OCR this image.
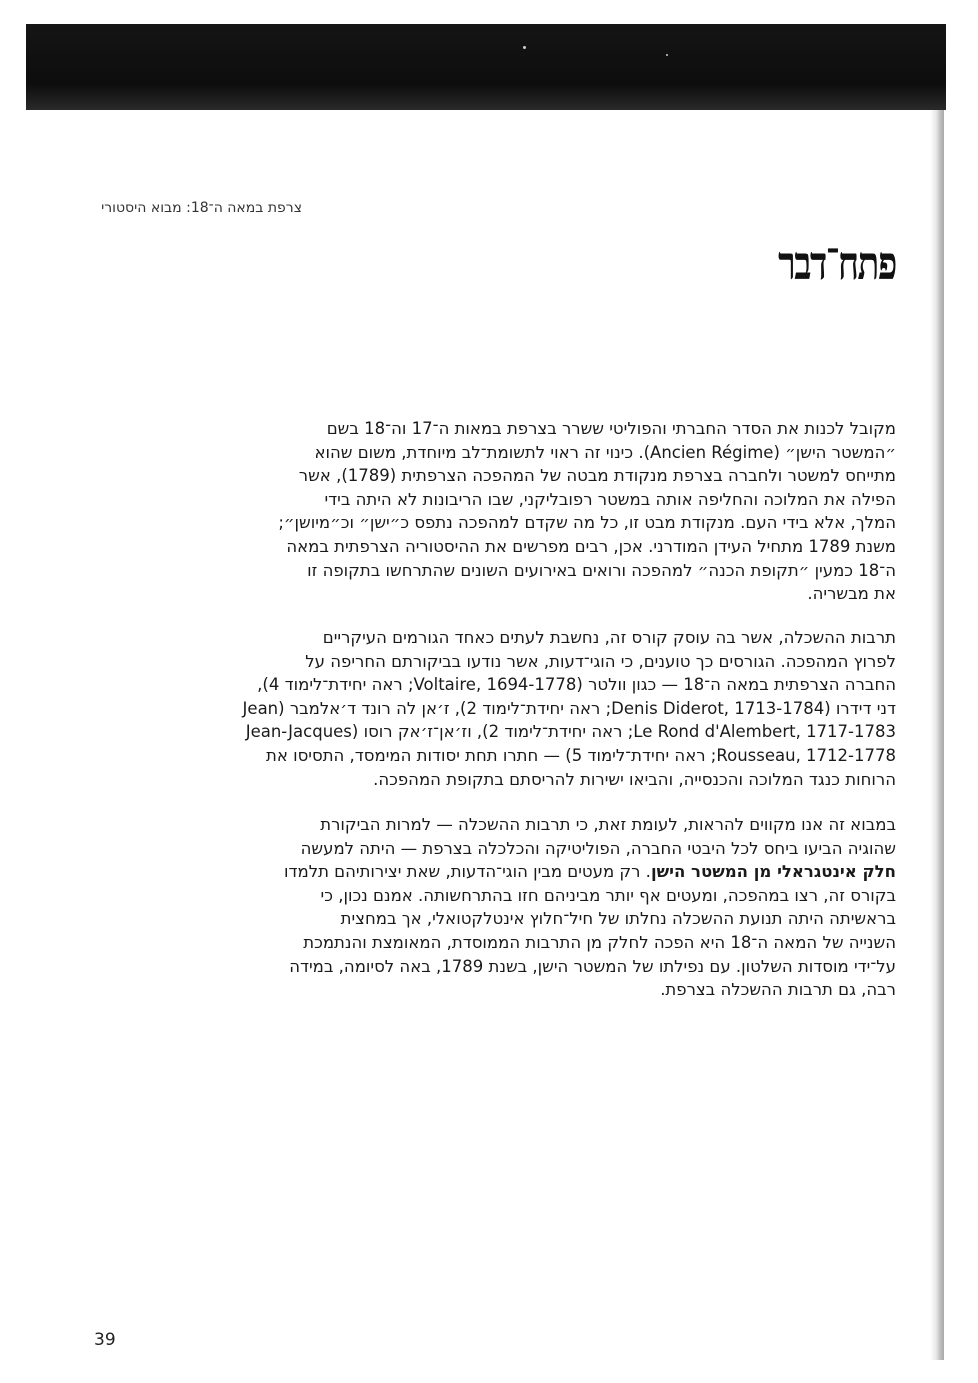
צרפת במאה ה־18: מבוא היסטורי
פתח־דבר
מקובל לכנות את הסדר החברתי והפוליטי ששרר בצרפת במאות ה־17 וה־18 בשם
״המשטר הישן״ (Ancien Régime). כינוי זה ראוי לתשומת־לב מיוחדת, משום שהוא
מתייחס למשטר ולחברה בצרפת מנקודת מבטה של המהפכה הצרפתית (1789), אשר
הפילה את המלוכה והחליפה אותה במשטר רפובליקני, שבו הריבונות לא היתה בידי
המלך, אלא בידי העם. מנקודת מבט זו, כל מה שקדם למהפכה נתפס כ״ישן״ וכ״מיושן״;
משנת 1789 מתחיל העידן המודרני. אכן, רבים מפרשים את ההיסטוריה הצרפתית במאה
ה־18 כמעין ״תקופת הכנה״ למהפכה ורואים באירועים השונים שהתרחשו בתקופה זו
את מבשריה.
תרבות ההשכלה, אשר בה עוסק קורס זה, נחשבת לעתים כאחד הגורמים העיקריים
לפרוץ המהפכה. הגורסים כך טוענים, כי הוגי־דעות, אשר נודעו בביקורתם החריפה על
החברה הצרפתית במאה ה־18 — כגון וולטר (Voltaire, 1694-1778; ראה יחידת־לימוד 4),
דני דידרו (Denis Diderot, 1713-1784; ראה יחידת־לימוד 2), ז׳אן לה רונד ד׳אלמבר (Jean
Le Rond d'Alembert, 1717-1783; ראה יחידת־לימוד 2), וז׳אן־ז׳אק רוסו (Jean-Jacques
Rousseau, 1712-1778; ראה יחידת־לימוד 5) — חתרו תחת יסודות המימסד, התסיסו את
הרוחות כנגד המלוכה והכנסייה, והביאו ישירות להריסתם בתקופת המהפכה.
במבוא זה אנו מקווים להראות, לעומת זאת, כי תרבות ההשכלה — למרות הביקורת
שהוגיה הביעו ביחס לכל היבטי החברה, הפוליטיקה והכלכלה בצרפת — היתה למעשה
חלק אינטגראלי מן המשטר הישן. רק מעטים מבין הוגי־הדעות, שאת יצירותיהם תלמדו
בקורס זה, רצו במהפכה, ומעטים אף יותר מביניהם חזו בהתרחשותה. אמנם נכון, כי
בראשיתה היתה תנועת ההשכלה נחלתו של חיל־חלוץ אינטלקטואלי, אך במחצית
השנייה של המאה ה־18 היא הפכה לחלק מן התרבות הממוסדת, המאומצת והנתמכת
על־ידי מוסדות השלטון. עם נפילתו של המשטר הישן, בשנת 1789, באה לסיומה, במידה
רבה, גם תרבות ההשכלה בצרפת.
39
